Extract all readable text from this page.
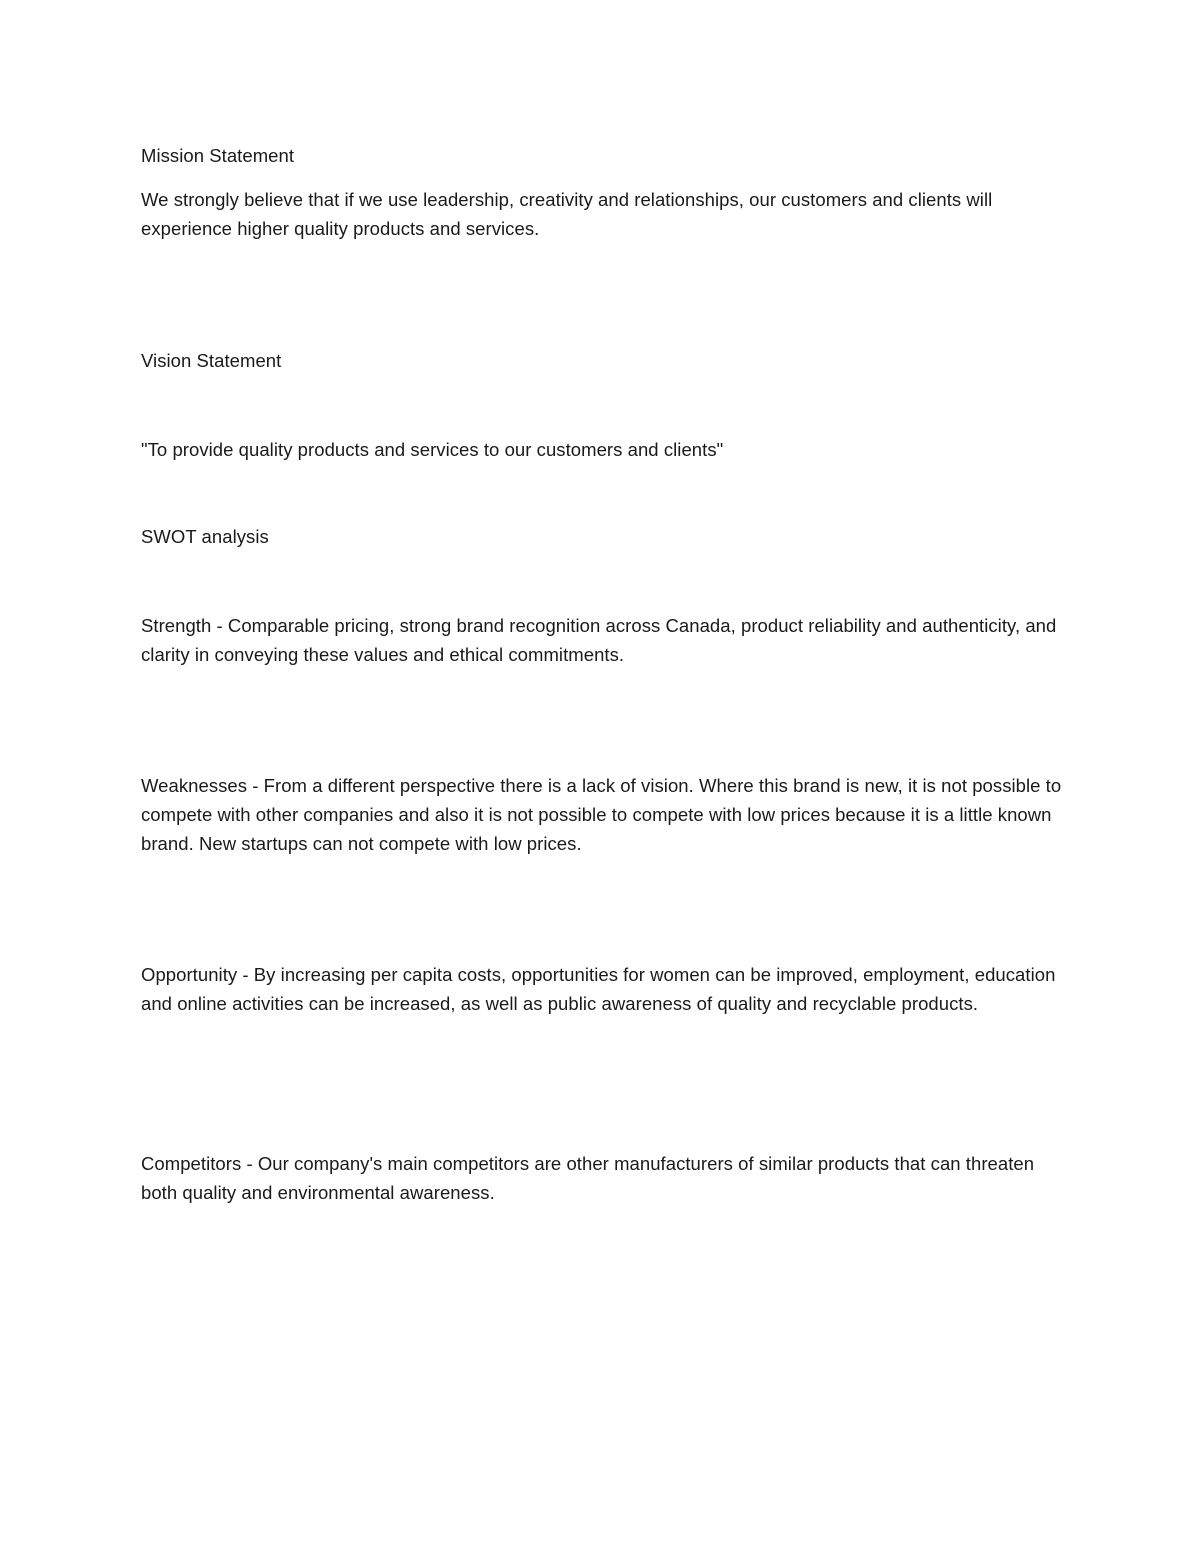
Mission Statement

We strongly believe that if we use leadership, creativity and relationships, our customers and clients will experience higher quality products and services.

Vision Statement

"To provide quality products and services to our customers and clients"

SWOT analysis

Strength - Comparable pricing, strong brand recognition across Canada, product reliability and authenticity, and clarity in conveying these values and ethical commitments.

Weaknesses - From a different perspective there is a lack of vision. Where this brand is new, it is not possible to compete with other companies and also it is not possible to compete with low prices because it is a little known brand. New startups can not compete with low prices.

Opportunity - By increasing per capita costs, opportunities for women can be improved, employment, education and online activities can be increased, as well as public awareness of quality and recyclable products.

Competitors - Our company's main competitors are other manufacturers of similar products that can threaten both quality and environmental awareness.
